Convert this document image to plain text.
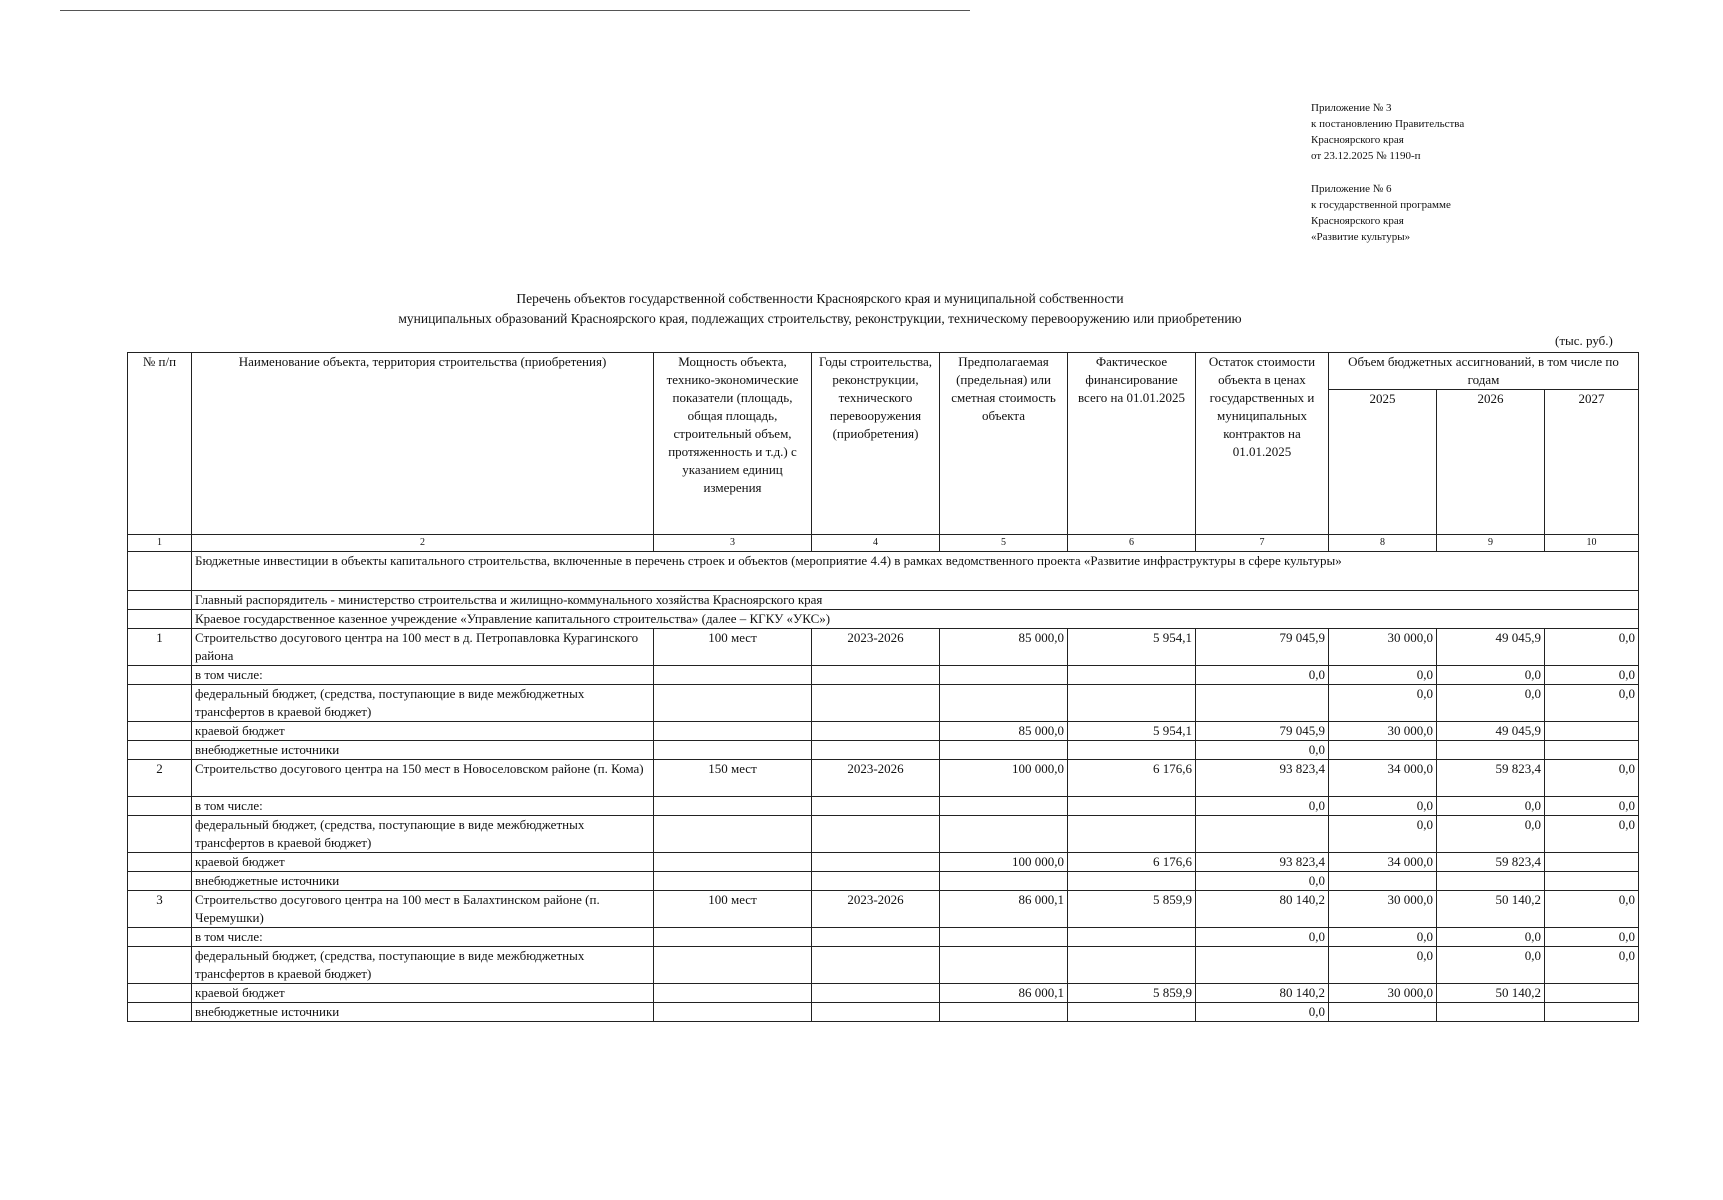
Приложение № 3
к постановлению Правительства
Красноярского края
от 23.12.2025 № 1190-п
Приложение № 6
к государственной программе
Красноярского края
«Развитие культуры»
Перечень объектов государственной собственности Красноярского края и муниципальной собственности
муниципальных образований Красноярского края, подлежащих строительству, реконструкции, техническому перевооружению или приобретению
(тыс. руб.)
№ п/п	Наименование объекта, территория строительства (приобретения)	Мощность объекта, технико-экономические показатели (площадь, общая площадь, строительный объем, протяженность и т.д.) с указанием единиц измерения	Годы строительства, реконструкции, технического перевооружения (приобретения)	Предполагаемая (предельная) или сметная стоимость объекта	Фактическое финансирование всего на 01.01.2025	Остаток стоимости объекта в ценах государственных и муниципальных контрактов на 01.01.2025	Объем бюджетных ассигнований, в том числе по годам		
							2025	2026	2027
1	2	3	4	5	6	7	8	9	10
	Бюджетные инвестиции в объекты капитального строительства, включенные в перечень строек и объектов (мероприятие 4.4) в рамках ведомственного проекта «Развитие инфраструктуры в сфере культуры»								
	Главный распорядитель - министерство строительства и жилищно-коммунального хозяйства Красноярского края								
	Краевое государственное казенное учреждение «Управление капитального строительства» (далее – КГКУ «УКС»)								
1	Строительство досугового центра на 100 мест в д. Петропавловка Курагинского района	100 мест	2023-2026	85 000,0	5 954,1	79 045,9	30 000,0	49 045,9	0,0
	в том числе:					0,0	0,0	0,0	0,0
	федеральный бюджет, (средства, поступающие в виде межбюджетных трансфертов в краевой бюджет)						0,0	0,0	0,0
	краевой бюджет			85 000,0	5 954,1	79 045,9	30 000,0	49 045,9	
	внебюджетные источники					0,0			
2	Строительство досугового центра на 150 мест в Новоселовском районе (п. Кома)	150 мест	2023-2026	100 000,0	6 176,6	93 823,4	34 000,0	59 823,4	0,0
	в том числе:					0,0	0,0	0,0	0,0
	федеральный бюджет, (средства, поступающие в виде межбюджетных трансфертов в краевой бюджет)						0,0	0,0	0,0
	краевой бюджет			100 000,0	6 176,6	93 823,4	34 000,0	59 823,4	
	внебюджетные источники					0,0			
3	Строительство досугового центра на 100 мест в Балахтинском районе (п. Черемушки)	100 мест	2023-2026	86 000,1	5 859,9	80 140,2	30 000,0	50 140,2	0,0
	в том числе:					0,0	0,0	0,0	0,0
	федеральный бюджет, (средства, поступающие в виде межбюджетных трансфертов в краевой бюджет)						0,0	0,0	0,0
	краевой бюджет			86 000,1	5 859,9	80 140,2	30 000,0	50 140,2	
	внебюджетные источники					0,0			
